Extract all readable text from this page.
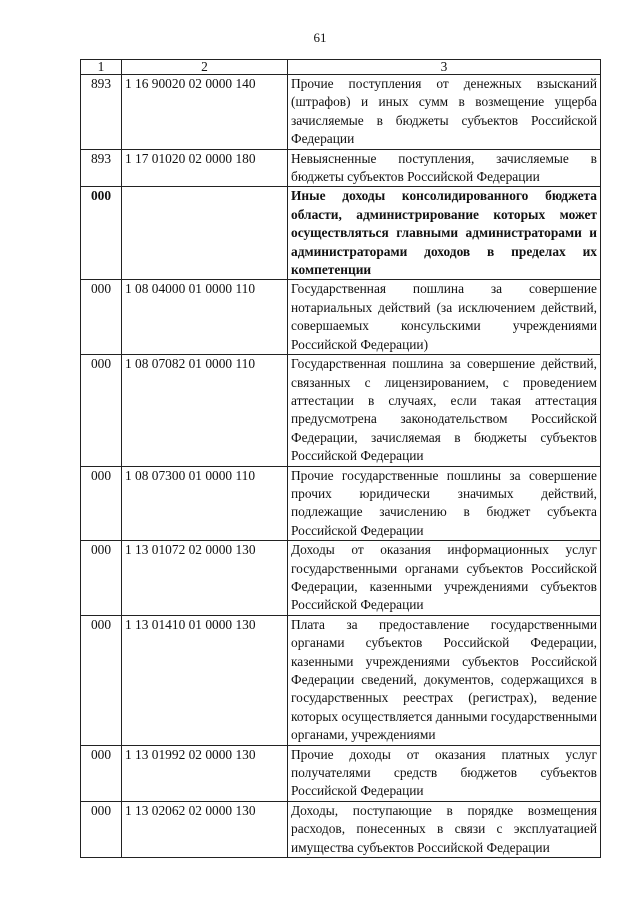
61
1	2	3
893	1 16 90020 02 0000 140	Прочие поступления от денежных взысканий (штрафов) и иных сумм в возмещение ущерба зачисляемые в бюджеты субъектов Российской Федерации
893	1 17 01020 02 0000 180	Невыясненные поступления, зачисляемые в бюджеты субъектов Российской Федерации
000		Иные доходы консолидированного бюджета области, администрирование которых может осуществляться главными администраторами и администраторами доходов в пределах их компетенции
000	1 08 04000 01 0000 110	Государственная пошлина за совершение нотариальных действий (за исключением действий, совершаемых консульскими учреждениями Российской Федерации)
000	1 08 07082 01 0000 110	Государственная пошлина за совершение действий, связанных с лицензированием, с проведением аттестации в случаях, если такая аттестация предусмотрена законодательством Российской Федерации, зачисляемая в бюджеты субъектов Российской Федерации
000	1 08 07300 01 0000 110	Прочие государственные пошлины за совершение прочих юридически значимых действий, подлежащие зачислению в бюджет субъекта Российской Федерации
000	1 13 01072 02 0000 130	Доходы от оказания информационных услуг государственными органами субъектов Российской Федерации, казенными учреждениями субъектов Российской Федерации
000	1 13 01410 01 0000 130	Плата за предоставление государственными органами субъектов Российской Федерации, казенными учреждениями субъектов Российской Федерации сведений, документов, содержащихся в государственных реестрах (регистрах), ведение которых осуществляется данными государственными органами, учреждениями
000	1 13 01992 02 0000 130	Прочие доходы от оказания платных услуг получателями средств бюджетов субъектов Российской Федерации
000	1 13 02062 02 0000 130	Доходы, поступающие в порядке возмещения расходов, понесенных в связи с эксплуатацией имущества субъектов Российской Федерации
